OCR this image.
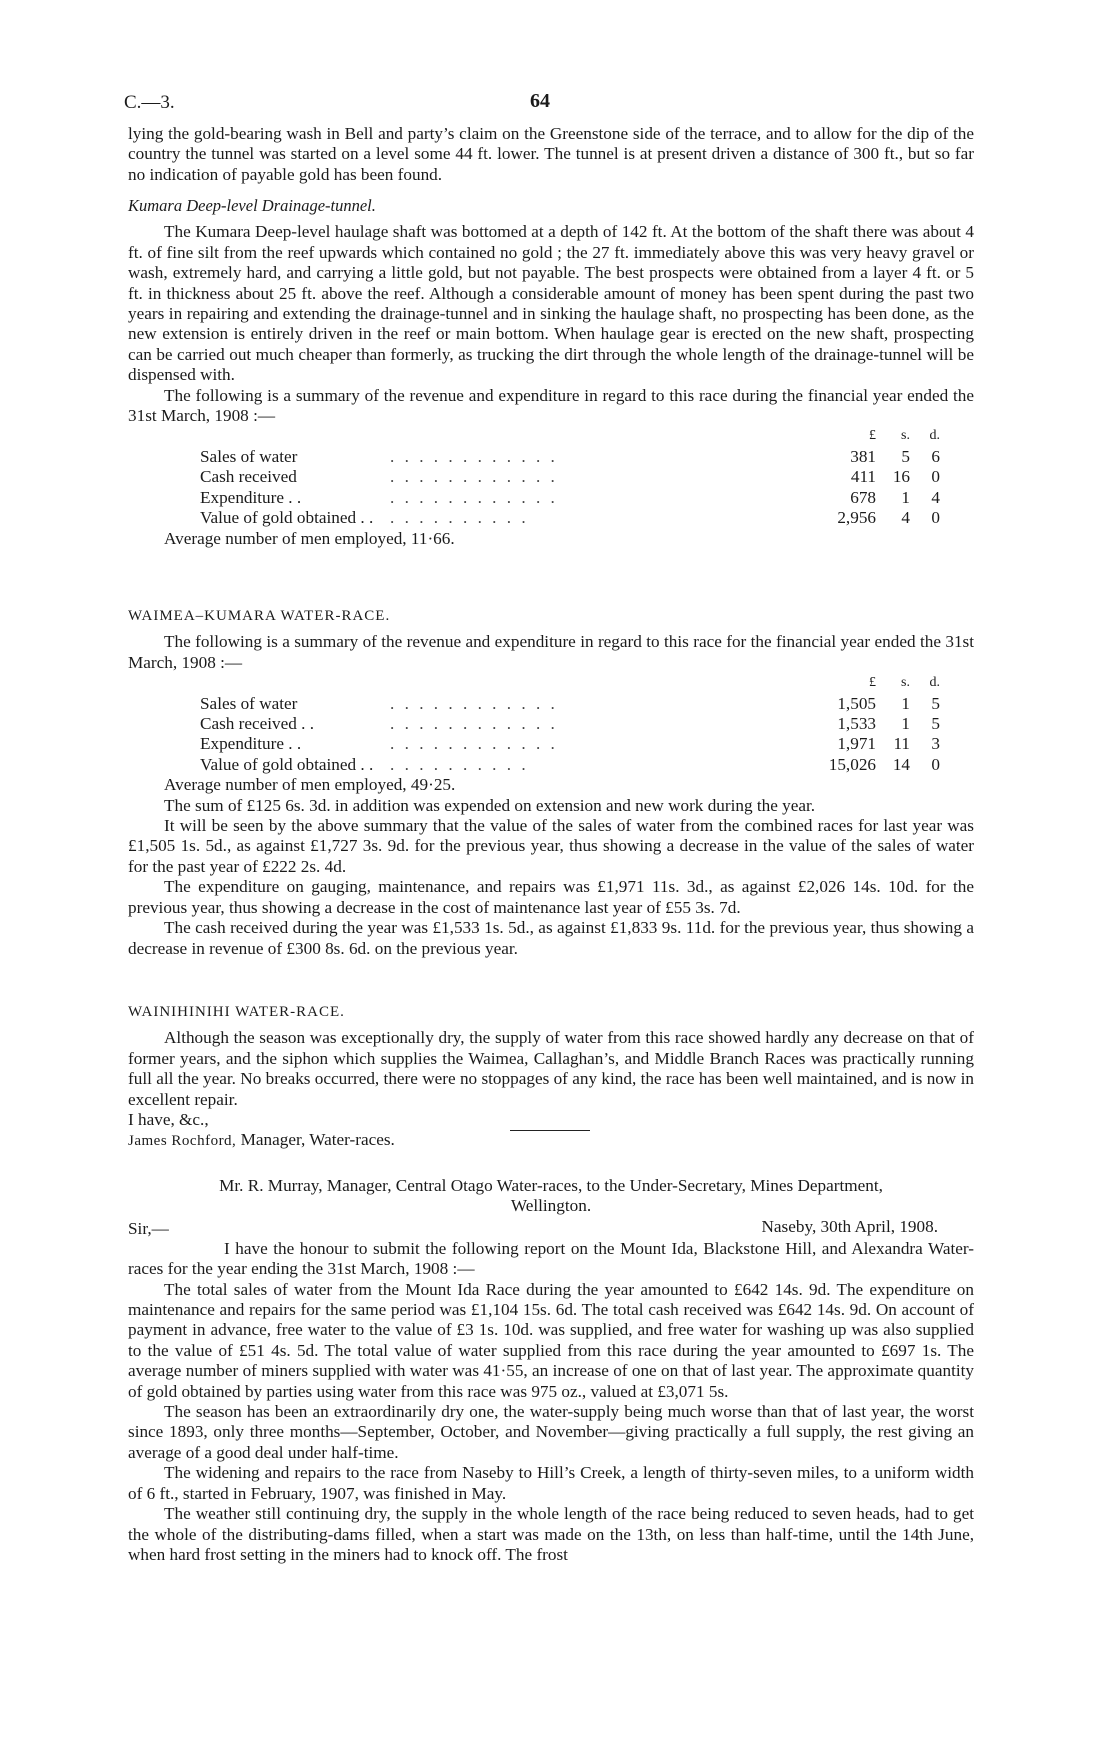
C.—3.	64

lying the gold-bearing wash in Bell and party’s claim on the Greenstone side of the terrace, and to allow for the dip of the country the tunnel was started on a level some 44 ft. lower. The tunnel is at present driven a distance of 300 ft., but so far no indication of payable gold has been found.

Kumara Deep-level Drainage-tunnel.

The Kumara Deep-level haulage shaft was bottomed at a depth of 142 ft. At the bottom of the shaft there was about 4 ft. of fine silt from the reef upwards which contained no gold ; the 27 ft. immediately above this was very heavy gravel or wash, extremely hard, and carrying a little gold, but not payable. The best prospects were obtained from a layer 4 ft. or 5 ft. in thickness about 25 ft. above the reef. Although a considerable amount of money has been spent during the past two years in repairing and extending the drainage-tunnel and in sinking the haulage shaft, no prospecting has been done, as the new extension is entirely driven in the reef or main bottom. When haulage gear is erected on the new shaft, prospecting can be carried out much cheaper than formerly, as trucking the dirt through the whole length of the drainage-tunnel will be dispensed with.

The following is a summary of the revenue and expenditure in regard to this race during the financial year ended the 31st March, 1908 :—

		£	s.	d.
Sales of water	. . . . . . . . . . . .	381	5	6
Cash received	. . . . . . . . . . . .	411	16	0
Expenditure . .	. . . . . . . . . . . .	678	1	4
Value of gold obtained . .	. . . . . . . . . .	2,956	4	0

Average number of men employed, 11·66.

WAIMEA–KUMARA WATER-RACE.

The following is a summary of the revenue and expenditure in regard to this race for the financial year ended the 31st March, 1908 :—

		£	s.	d.
Sales of water	. . . . . . . . . . . .	1,505	1	5
Cash received . .	. . . . . . . . . . . .	1,533	1	5
Expenditure . .	. . . . . . . . . . . .	1,971	11	3
Value of gold obtained . .	. . . . . . . . . .	15,026	14	0

Average number of men employed, 49·25.

The sum of £125 6s. 3d. in addition was expended on extension and new work during the year.

It will be seen by the above summary that the value of the sales of water from the combined races for last year was £1,505 1s. 5d., as against £1,727 3s. 9d. for the previous year, thus showing a decrease in the value of the sales of water for the past year of £222 2s. 4d.

The expenditure on gauging, maintenance, and repairs was £1,971 11s. 3d., as against £2,026 14s. 10d. for the previous year, thus showing a decrease in the cost of maintenance last year of £55 3s. 7d.

The cash received during the year was £1,533 1s. 5d., as against £1,833 9s. 11d. for the previous year, thus showing a decrease in revenue of £300 8s. 6d. on the previous year.

WAINIHINIHI WATER-RACE.

Although the season was exceptionally dry, the supply of water from this race showed hardly any decrease on that of former years, and the siphon which supplies the Waimea, Callaghan’s, and Middle Branch Races was practically running full all the year. No breaks occurred, there were no stoppages of any kind, the race has been well maintained, and is now in excellent repair.

I have, &c.,

James Rochford, Manager, Water-races.

Mr. R. Murray, Manager, Central Otago Water-races, to the Under-Secretary, Mines Department,

Wellington.

Sir,—	Naseby, 30th April, 1908.

I have the honour to submit the following report on the Mount Ida, Blackstone Hill, and Alexandra Water-races for the year ending the 31st March, 1908 :—

The total sales of water from the Mount Ida Race during the year amounted to £642 14s. 9d. The expenditure on maintenance and repairs for the same period was £1,104 15s. 6d. The total cash received was £642 14s. 9d. On account of payment in advance, free water to the value of £3 1s. 10d. was supplied, and free water for washing up was also supplied to the value of £51 4s. 5d. The total value of water supplied from this race during the year amounted to £697 1s. The average number of miners supplied with water was 41·55, an increase of one on that of last year. The approximate quantity of gold obtained by parties using water from this race was 975 oz., valued at £3,071 5s.

The season has been an extraordinarily dry one, the water-supply being much worse than that of last year, the worst since 1893, only three months—September, October, and November—giving practically a full supply, the rest giving an average of a good deal under half-time.

The widening and repairs to the race from Naseby to Hill’s Creek, a length of thirty-seven miles, to a uniform width of 6 ft., started in February, 1907, was finished in May.

The weather still continuing dry, the supply in the whole length of the race being reduced to seven heads, had to get the whole of the distributing-dams filled, when a start was made on the 13th, on less than half-time, until the 14th June, when hard frost setting in the miners had to knock off. The frost
